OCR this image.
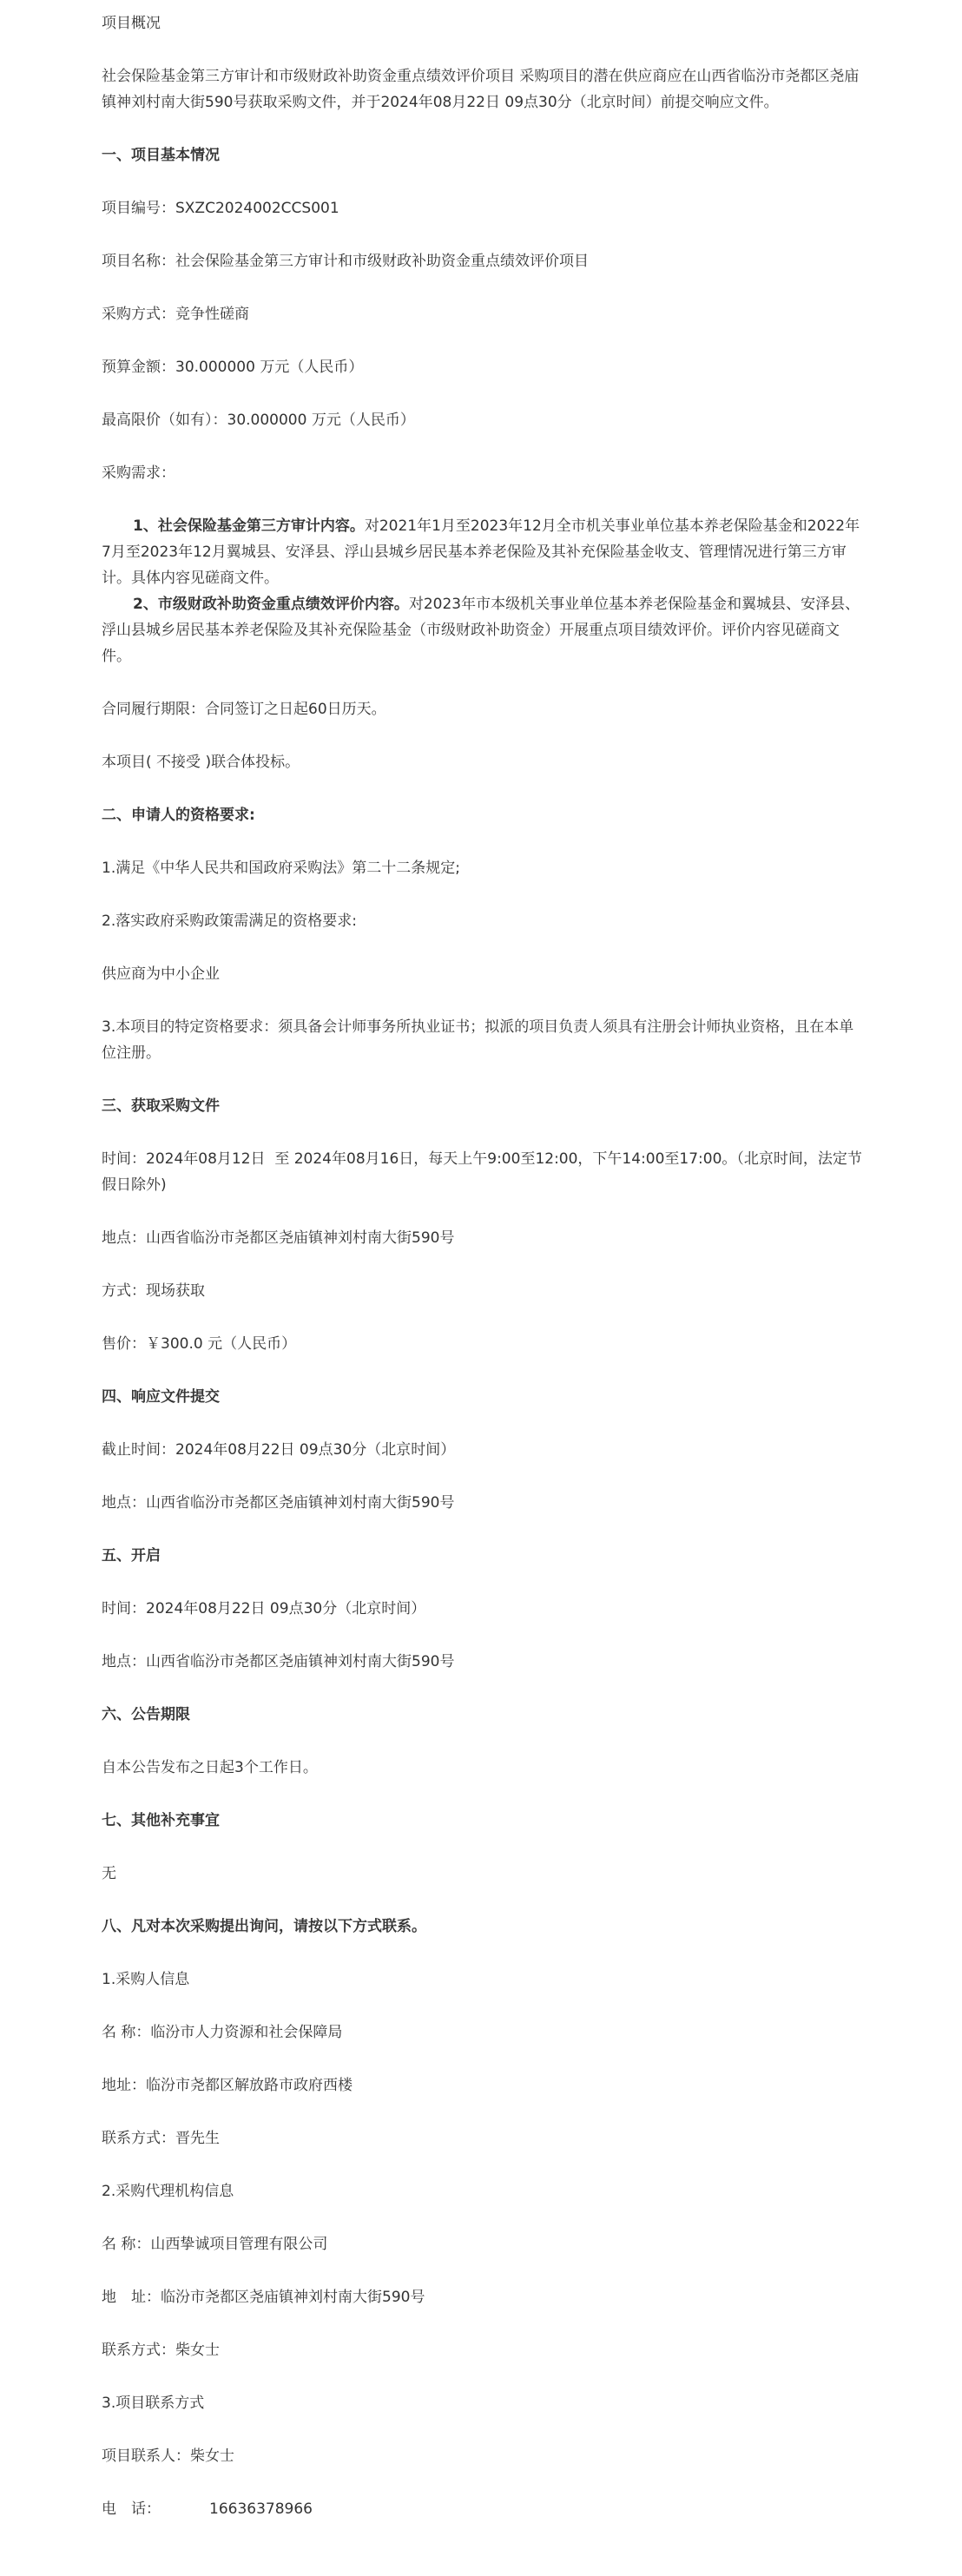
项目概况

社会保险基金第三方审计和市级财政补助资金重点绩效评价项目 采购项目的潜在供应商应在山西省临汾市尧都区尧庙镇神刘村南大街590号获取采购文件，并于2024年08月22日 09点30分（北京时间）前提交响应文件。

一、项目基本情况

项目编号：SXZC2024002CCS001

项目名称：社会保险基金第三方审计和市级财政补助资金重点绩效评价项目

采购方式：竞争性磋商

预算金额：30.000000 万元（人民币）

最高限价（如有）：30.000000 万元（人民币）

采购需求：

1、社会保险基金第三方审计内容。对2021年1月至2023年12月全市机关事业单位基本养老保险基金和2022年7月至2023年12月翼城县、安泽县、浮山县城乡居民基本养老保险及其补充保险基金收支、管理情况进行第三方审计。具体内容见磋商文件。

2、市级财政补助资金重点绩效评价内容。对2023年市本级机关事业单位基本养老保险基金和翼城县、安泽县、浮山县城乡居民基本养老保险及其补充保险基金（市级财政补助资金）开展重点项目绩效评价。评价内容见磋商文件。

合同履行期限：合同签订之日起60日历天。

本项目( 不接受 )联合体投标。

二、申请人的资格要求:

1.满足《中华人民共和国政府采购法》第二十二条规定;

2.落实政府采购政策需满足的资格要求:

供应商为中小企业

3.本项目的特定资格要求：须具备会计师事务所执业证书；拟派的项目负责人须具有注册会计师执业资格，且在本单位注册。

三、获取采购文件

时间：2024年08月12日  至 2024年08月16日，每天上午9:00至12:00，下午14:00至17:00。（北京时间，法定节假日除外)

地点：山西省临汾市尧都区尧庙镇神刘村南大街590号

方式：现场获取

售价：￥300.0 元（人民币）

四、响应文件提交

截止时间：2024年08月22日 09点30分（北京时间）

地点：山西省临汾市尧都区尧庙镇神刘村南大街590号

五、开启

时间：2024年08月22日 09点30分（北京时间）

地点：山西省临汾市尧都区尧庙镇神刘村南大街590号

六、公告期限

自本公告发布之日起3个工作日。

七、其他补充事宜

无

八、凡对本次采购提出询问，请按以下方式联系。

1.采购人信息

名 称：临汾市人力资源和社会保障局

地址：临汾市尧都区解放路市政府西楼

联系方式：晋先生

2.采购代理机构信息

名 称：山西挚诚项目管理有限公司

地　址：临汾市尧都区尧庙镇神刘村南大街590号

联系方式：柴女士

3.项目联系方式

项目联系人：柴女士

电　话：	16636378966
